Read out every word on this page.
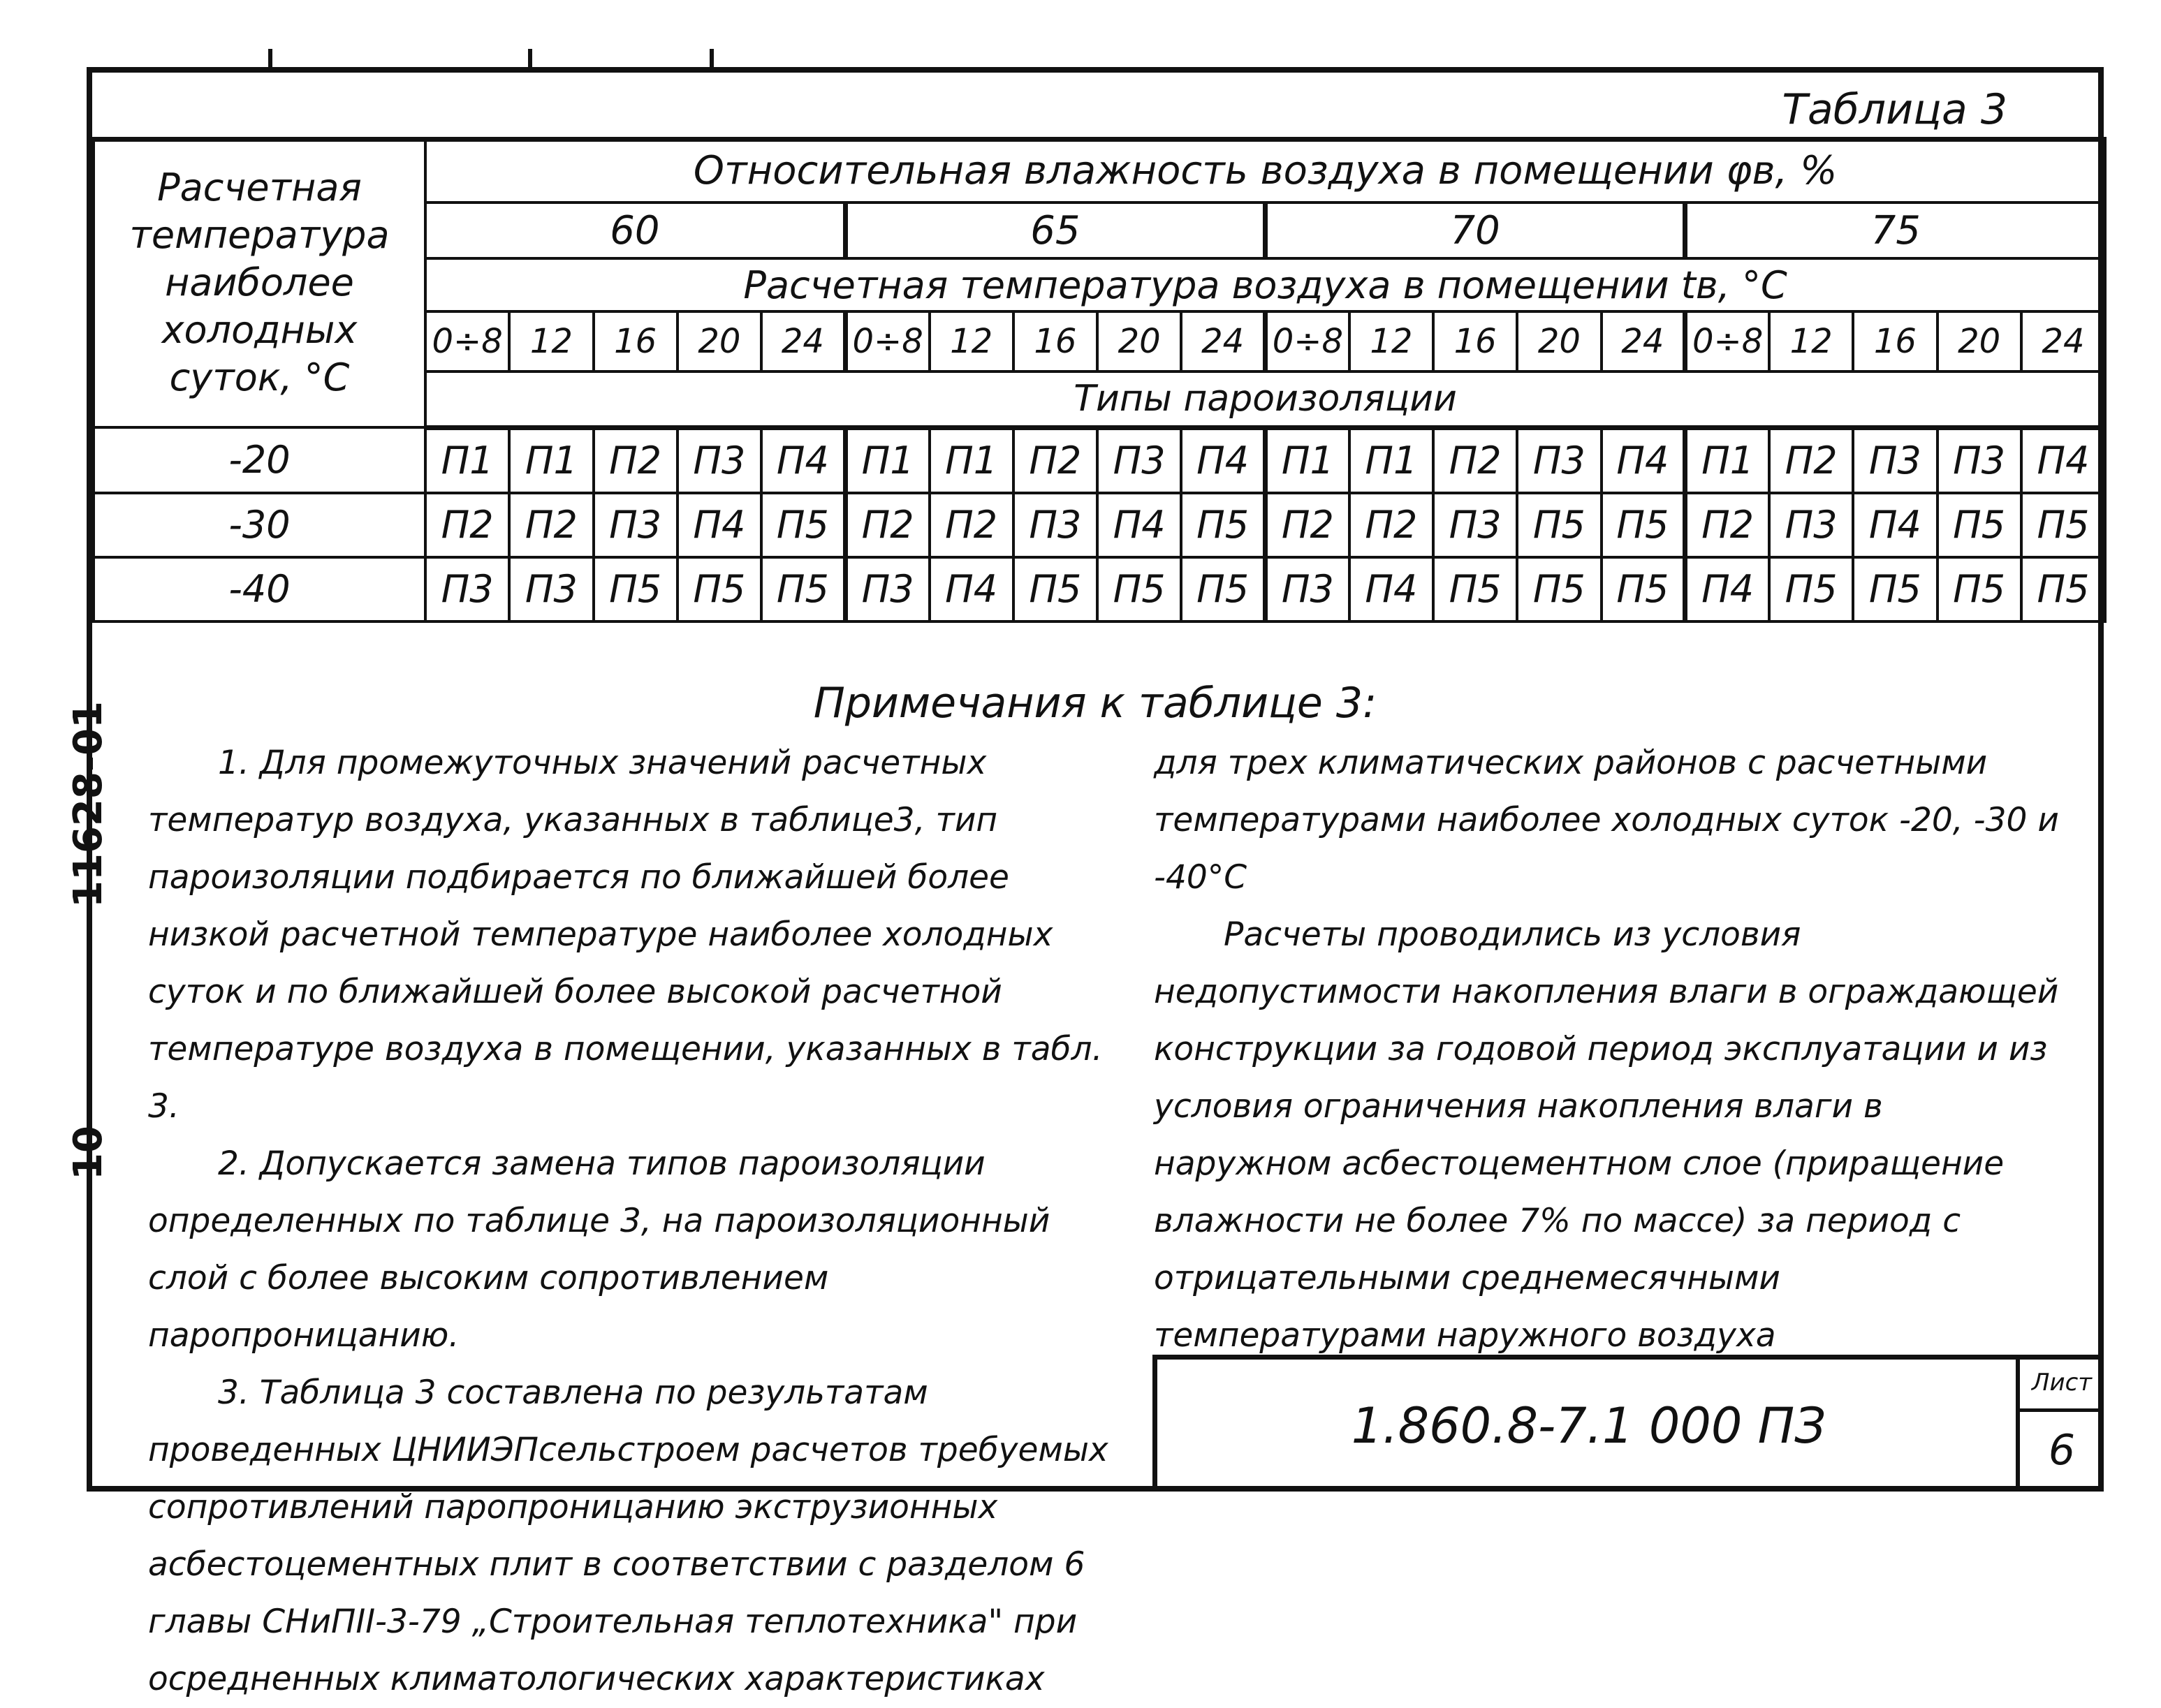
11628-01
10
Таблица 3
Расчетная температура наиболее холодных суток, °C	Относительная влажность воздуха в помещении φв, %																			
	60					65					70					75				
	Расчетная температура воздуха в помещении tв, °C																			
	0÷8	12	16	20	24	0÷8	12	16	20	24	0÷8	12	16	20	24	0÷8	12	16	20	24
	Типы пароизоляции																			
-20	П1	П1	П2	П3	П4	П1	П1	П2	П3	П4	П1	П1	П2	П3	П4	П1	П2	П3	П3	П4
-30	П2	П2	П3	П4	П5	П2	П2	П3	П4	П5	П2	П2	П3	П5	П5	П2	П3	П4	П5	П5
-40	П3	П3	П5	П5	П5	П3	П4	П5	П5	П5	П3	П4	П5	П5	П5	П4	П5	П5	П5	П5
Примечания к таблице 3:

1. Для промежуточных значений расчетных температур воздуха, указанных в таблице3, тип пароизоляции подбирается по ближайшей более низкой расчетной температуре наиболее холодных суток и по ближайшей более высокой расчетной температуре воздуха в помещении, указанных в табл. 3.

2. Допускается замена типов пароизоляции определенных по таблице 3, на пароизоляционный слой с более высоким сопротивлением паропроницанию.

3. Таблица 3 составлена по результатам проведенных ЦНИИЭПсельстроем расчетов требуемых сопротивлений паропроницанию экструзионных асбестоцементных плит в соответствии с разделом 6 главы СНиПII-3-79 „Строительная теплотехника" при осредненных климатологических характеристиках

для трех климатических районов с расчетными температурами наиболее холодных суток -20, -30 и -40°С

Расчеты проводились из условия недопустимости накопления влаги в ограждающей конструкции за годовой период эксплуатации и из условия ограничения накопления влаги в наружном асбестоцементном слое (приращение влажности не более 7% по массе) за период с отрицательными среднемесячными температурами наружного воздуха

1.860.8-7.1 000 ПЗ
Лист
6
